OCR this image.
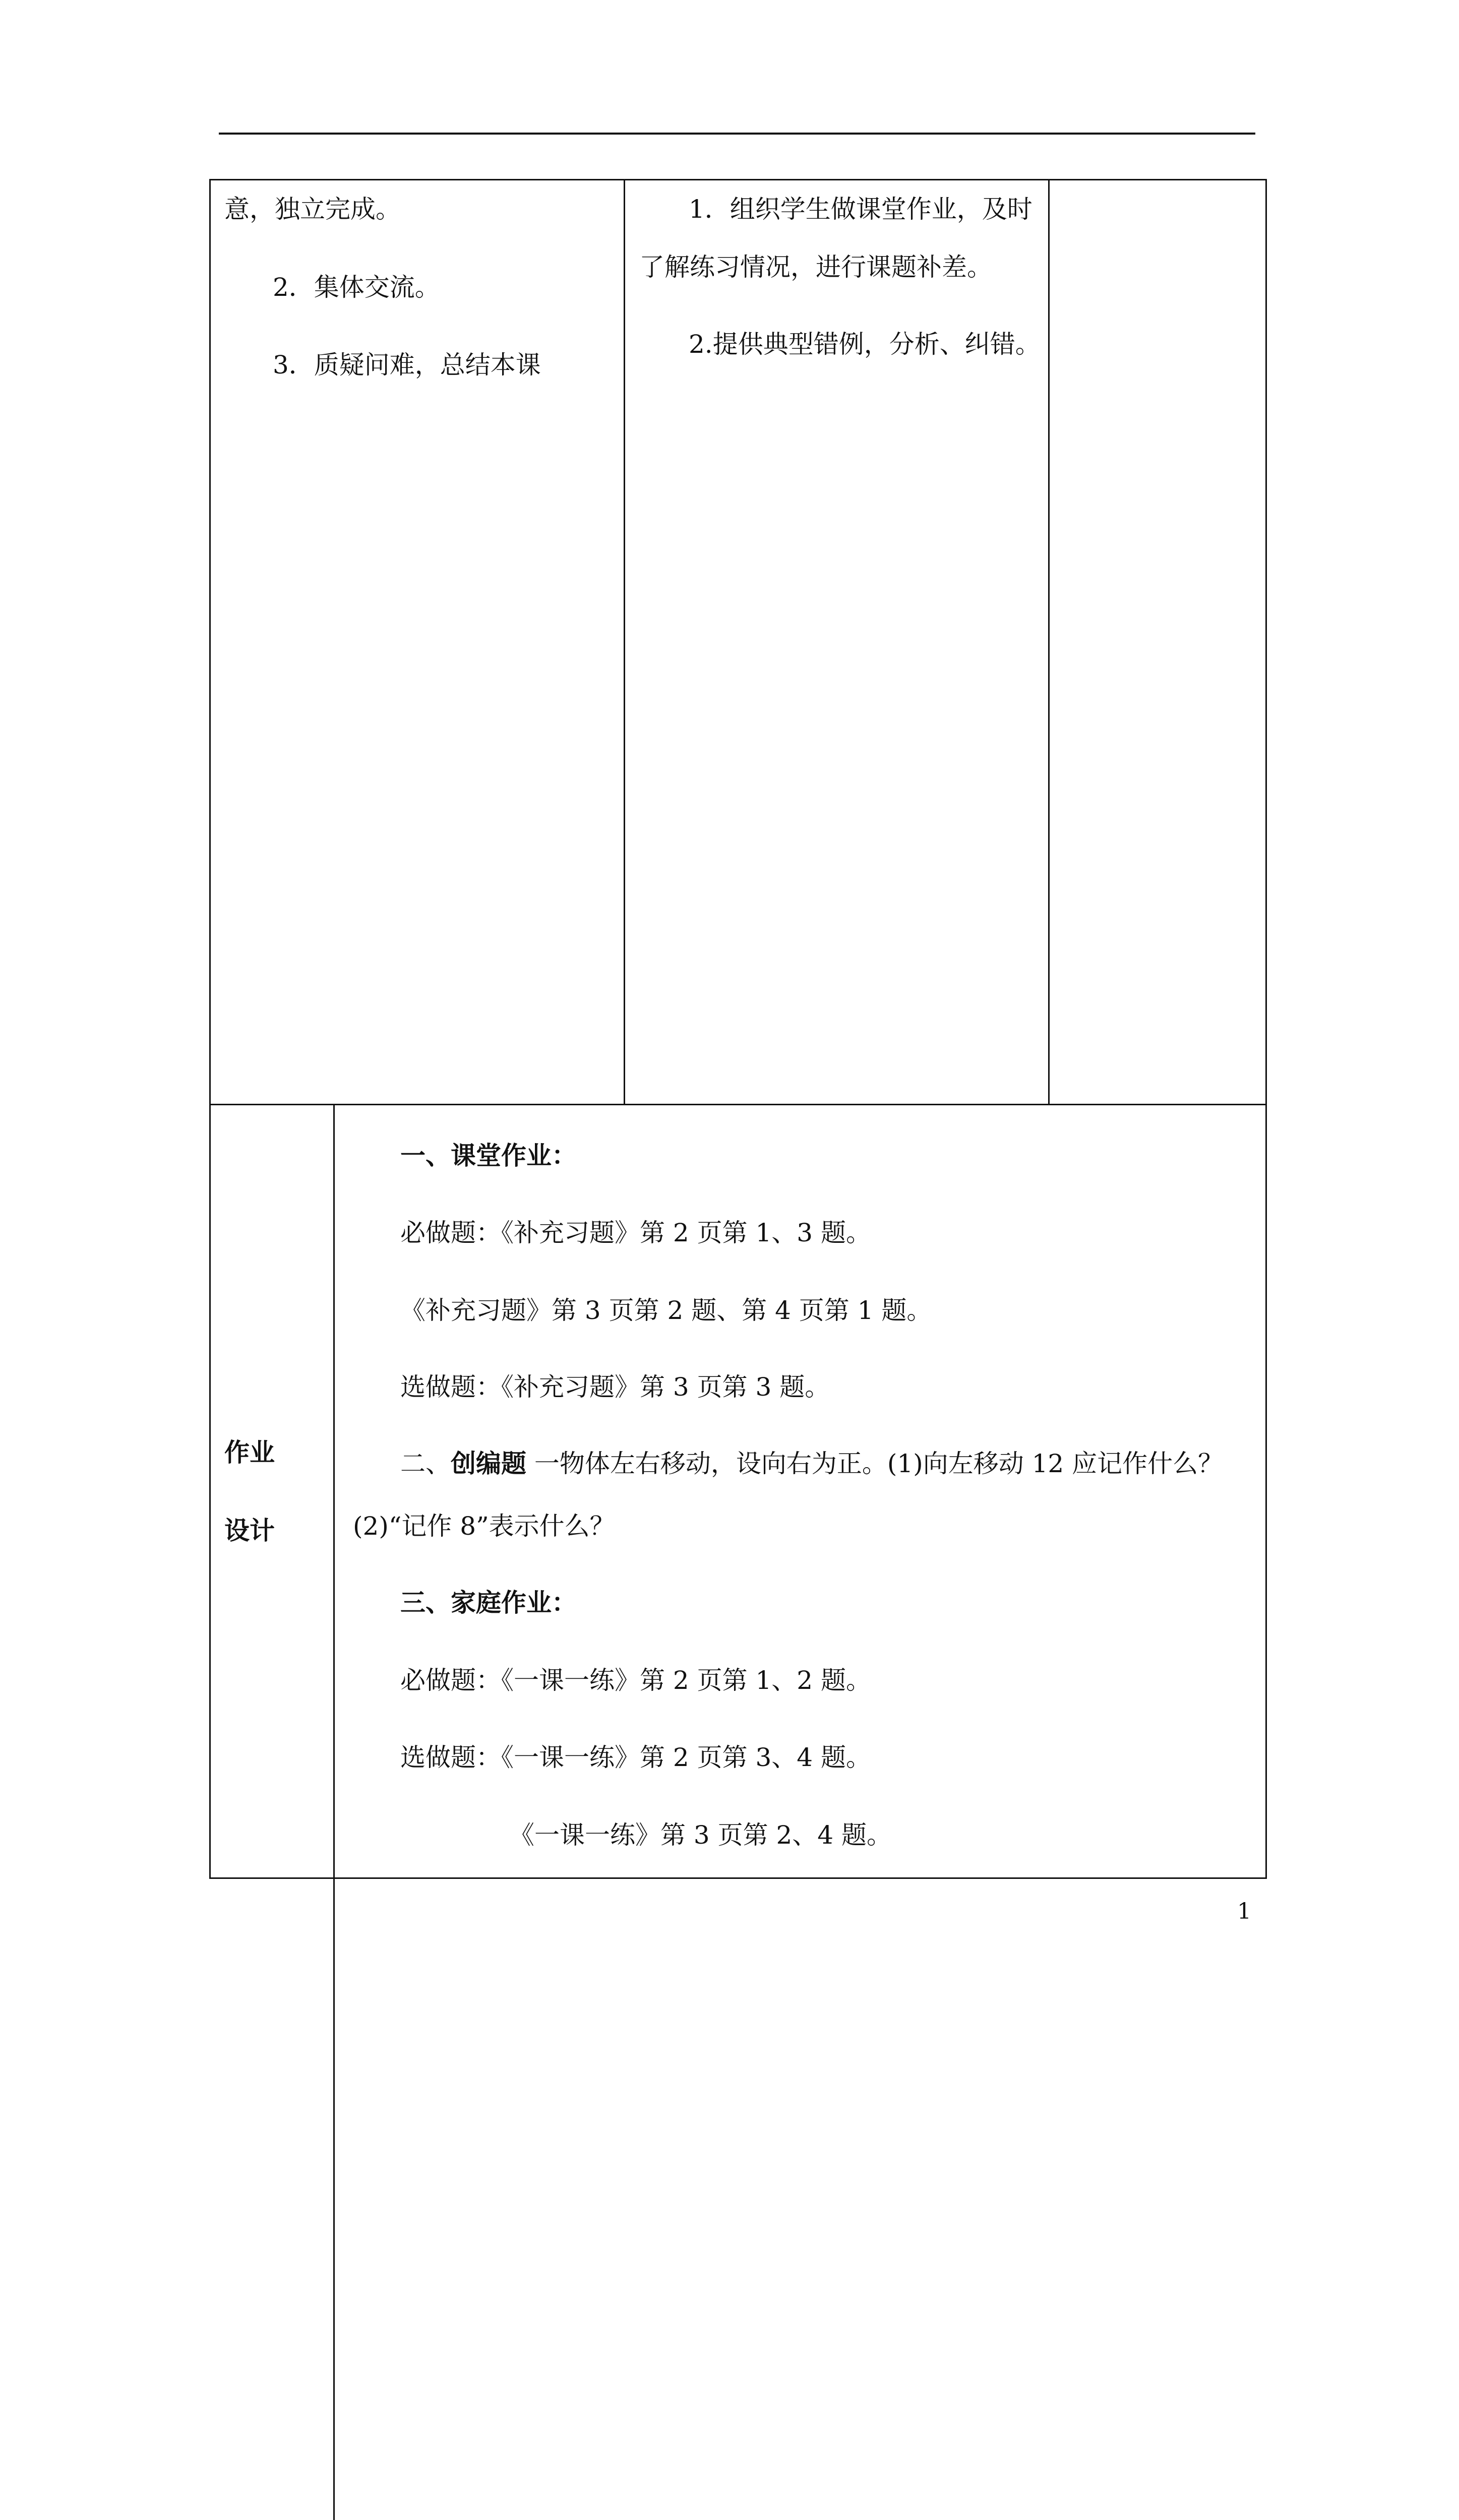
意，独立完成。
2．集体交流。
3．质疑问难，总结本课
1．组织学生做课堂作业，及时
了解练习情况，进行课题补差。
2.提供典型错例，分析、纠错。
作业
设计
一、课堂作业：
必做题：《补充习题》第 2 页第 1、3 题。
《补充习题》第 3 页第 2 题、第 4 页第 1 题。
选做题：《补充习题》第 3 页第 3 题。
二、创编题 一物体左右移动，设向右为正。(1)向左移动 12 应记作什么？
(2)“记作 8”表示什么？
三、家庭作业：
必做题：《一课一练》第 2 页第 1、2 题。
选做题：《一课一练》第 2 页第 3、4 题。
《一课一练》第 3 页第 2、4 题。
1
